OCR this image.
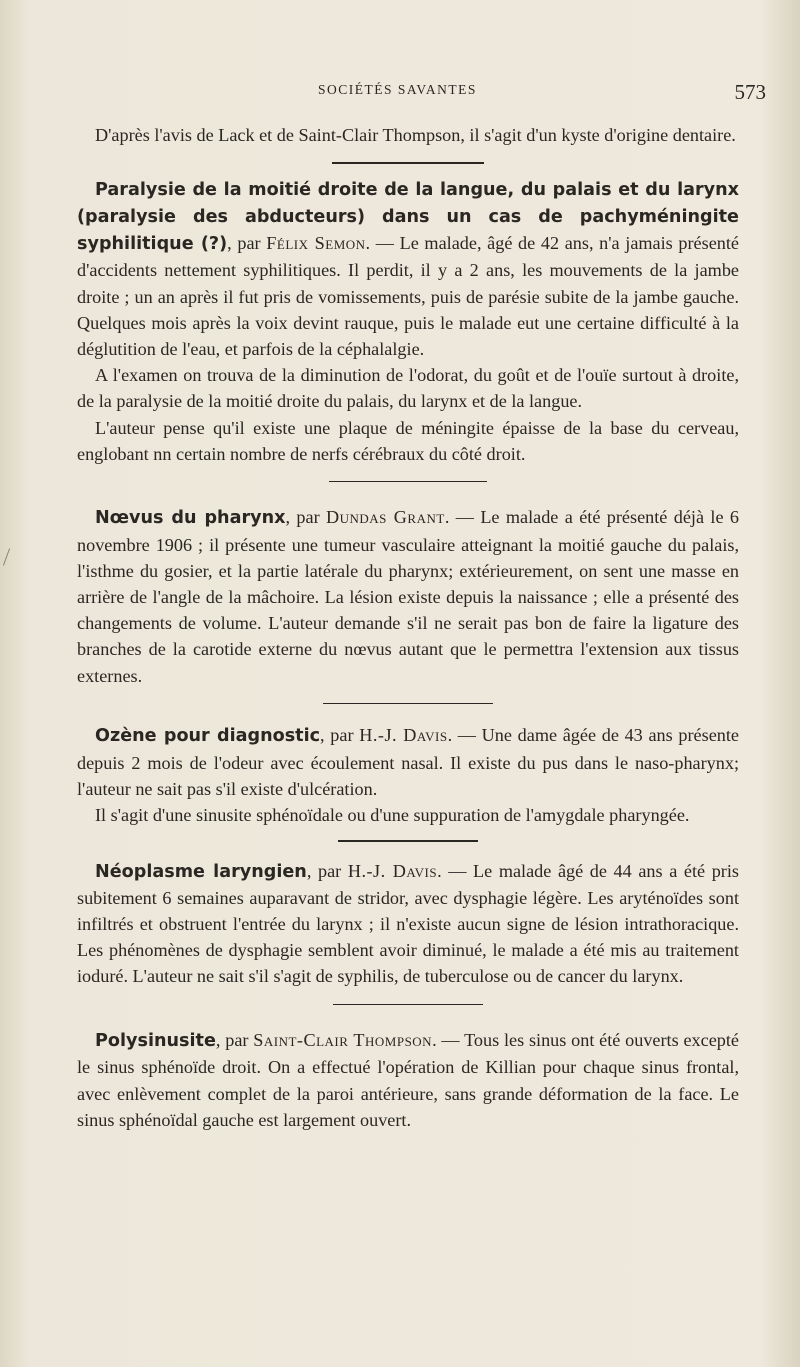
SOCIÉTÉS SAVANTES	573

D'après l'avis de Lack et de Saint-Clair Thompson, il s'agit d'un kyste d'origine dentaire.

Paralysie de la moitié droite de la langue, du palais et du larynx (paralysie des abducteurs) dans un cas de pachyméningite syphilitique (?), par Félix Semon. — Le malade, âgé de 42 ans, n'a jamais présenté d'accidents nettement syphilitiques. Il perdit, il y a 2 ans, les mouvements de la jambe droite ; un an après il fut pris de vomissements, puis de parésie subite de la jambe gauche. Quelques mois après la voix devint rauque, puis le malade eut une certaine difficulté à la déglutition de l'eau, et parfois de la céphalalgie.

A l'examen on trouva de la diminution de l'odorat, du goût et de l'ouïe surtout à droite, de la paralysie de la moitié droite du palais, du larynx et de la langue.

L'auteur pense qu'il existe une plaque de méningite épaisse de la base du cerveau, englobant nn certain nombre de nerfs cérébraux du côté droit.

Nœvus du pharynx, par Dundas Grant. — Le malade a été présenté déjà le 6 novembre 1906 ; il présente une tumeur vasculaire atteignant la moitié gauche du palais, l'isthme du gosier, et la partie latérale du pharynx; extérieurement, on sent une masse en arrière de l'angle de la mâchoire. La lésion existe depuis la naissance ; elle a présenté des changements de volume. L'auteur demande s'il ne serait pas bon de faire la ligature des branches de la carotide externe du nœvus autant que le permettra l'extension aux tissus externes.

Ozène pour diagnostic, par H.-J. Davis. — Une dame âgée de 43 ans présente depuis 2 mois de l'odeur avec écoulement nasal. Il existe du pus dans le naso-pharynx; l'auteur ne sait pas s'il existe d'ulcération.

Il s'agit d'une sinusite sphénoïdale ou d'une suppuration de l'amygdale pharyngée.

Néoplasme laryngien, par H.-J. Davis. — Le malade âgé de 44 ans a été pris subitement 6 semaines auparavant de stridor, avec dysphagie légère. Les aryténoïdes sont infiltrés et obstruent l'entrée du larynx ; il n'existe aucun signe de lésion intrathoracique. Les phénomènes de dysphagie semblent avoir diminué, le malade a été mis au traitement ioduré. L'auteur ne sait s'il s'agit de syphilis, de tuberculose ou de cancer du larynx.

Polysinusite, par Saint-Clair Thompson. — Tous les sinus ont été ouverts excepté le sinus sphénoïde droit. On a effectué l'opération de Killian pour chaque sinus frontal, avec enlèvement complet de la paroi antérieure, sans grande déformation de la face. Le sinus sphénoïdal gauche est largement ouvert.
